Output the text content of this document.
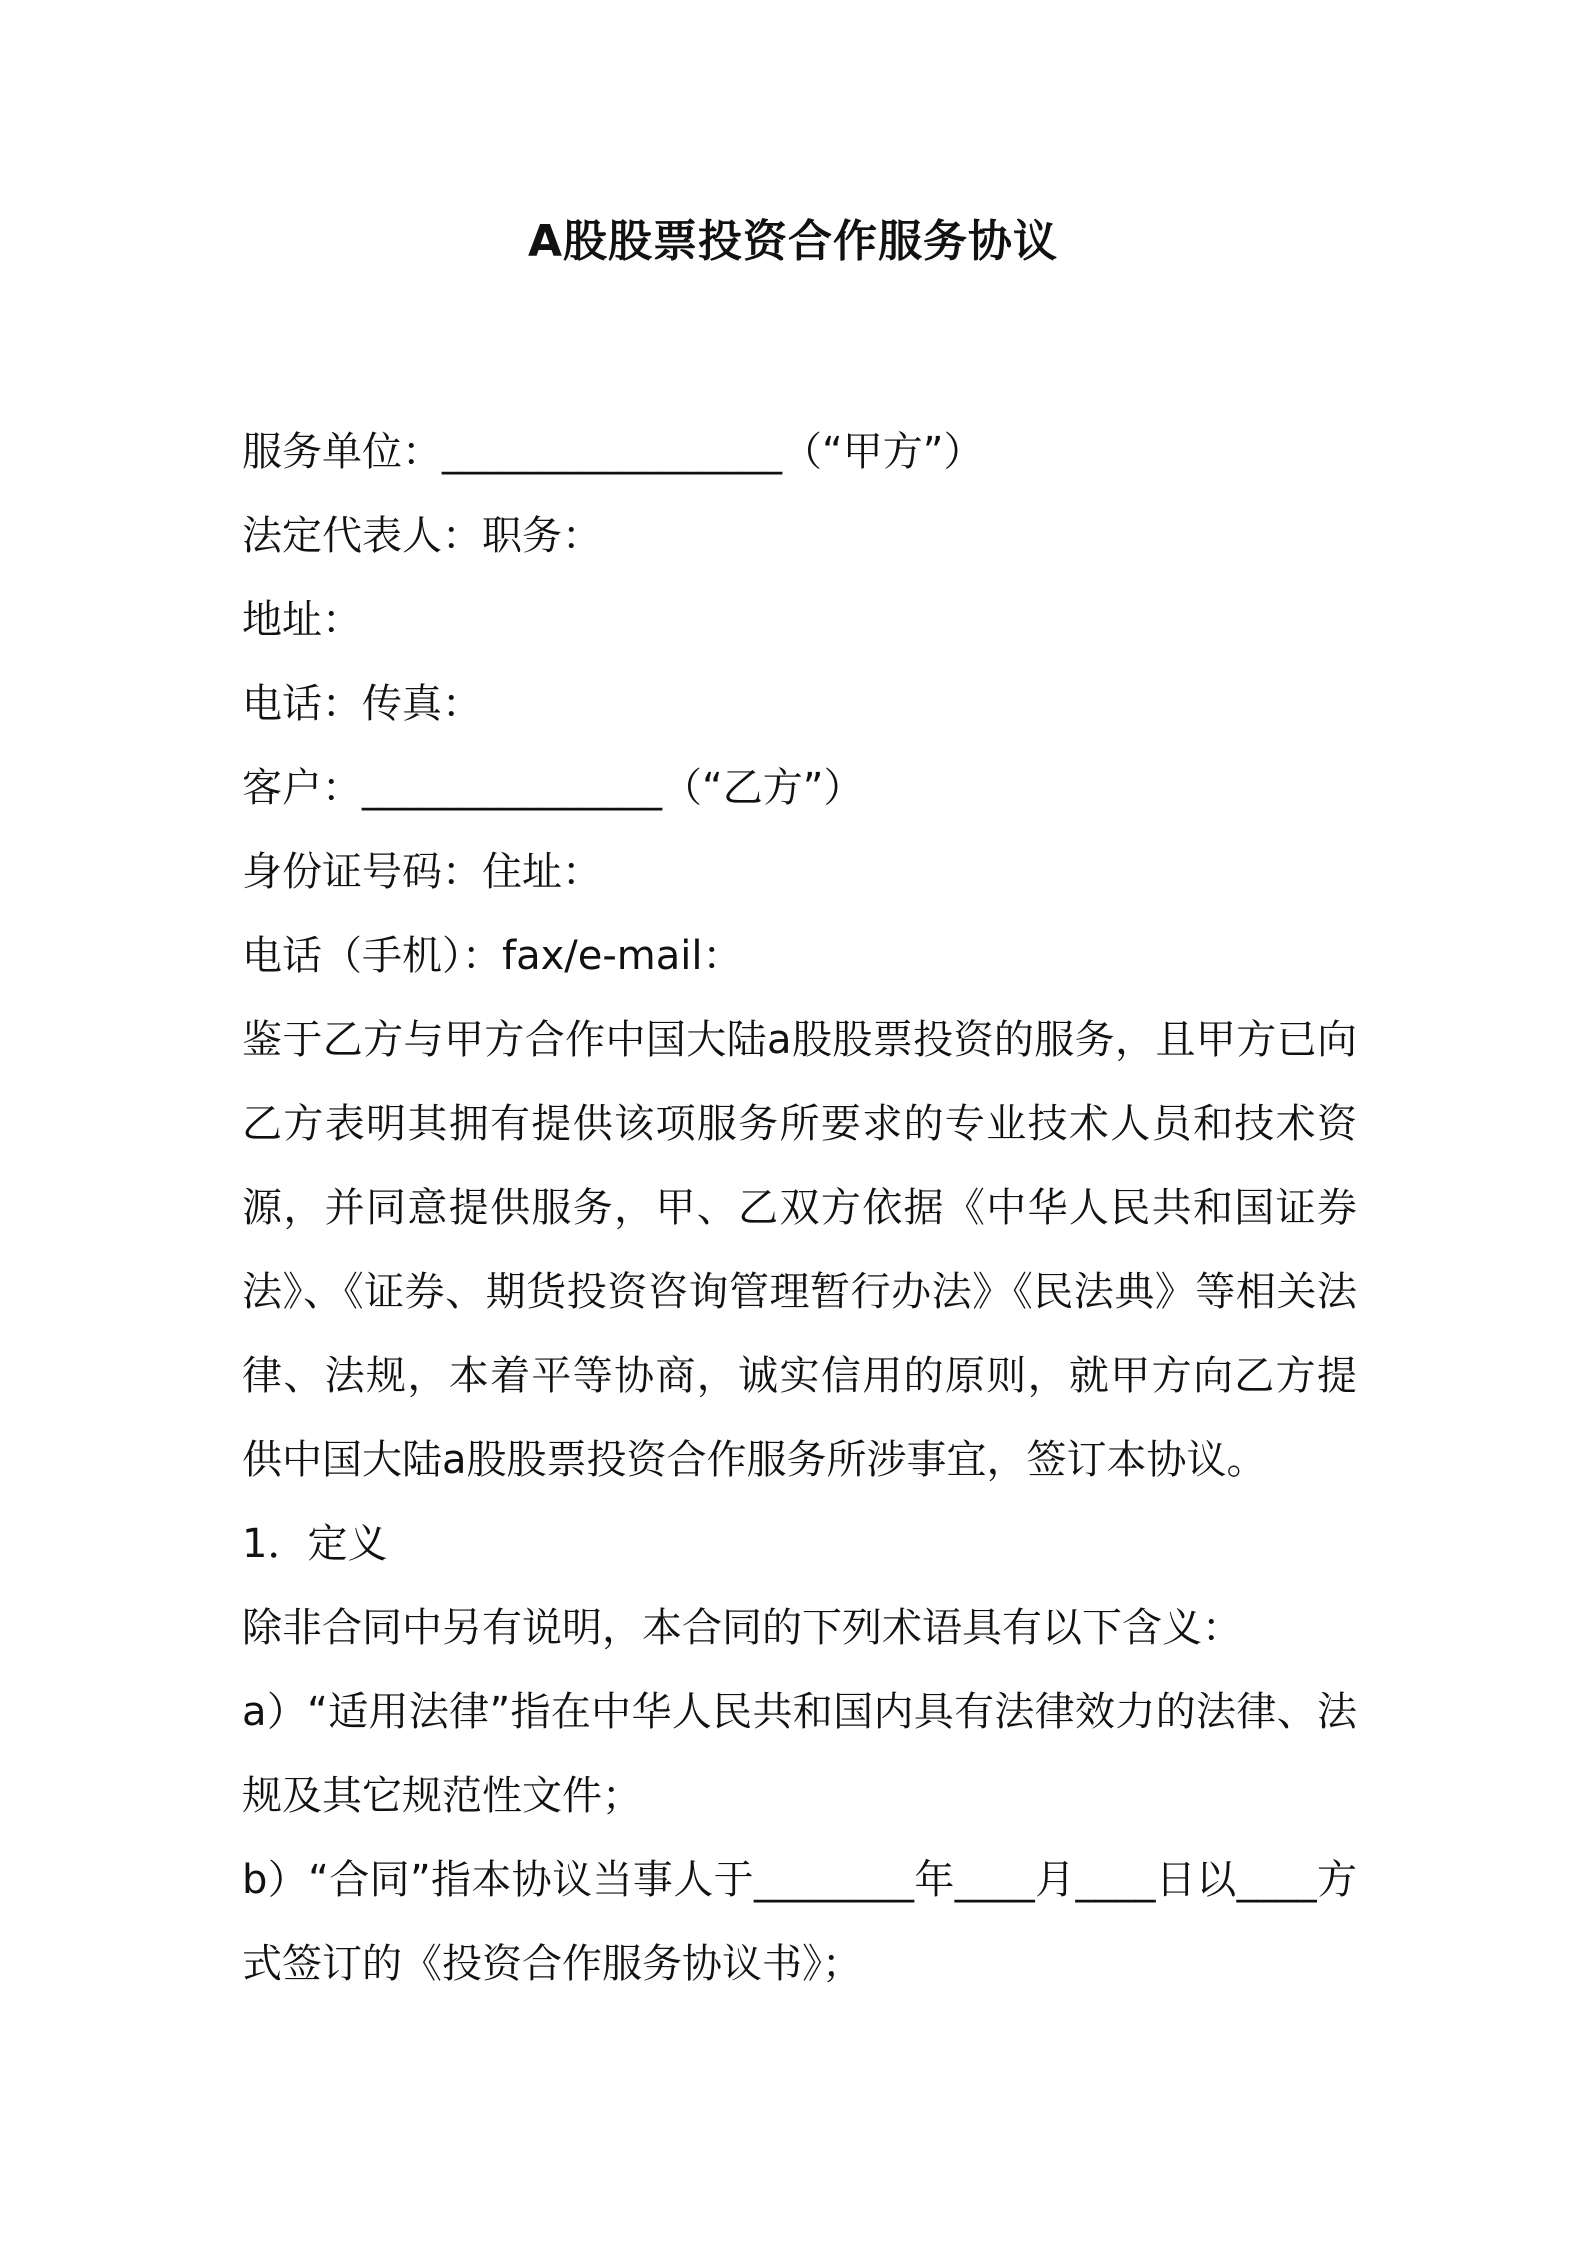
A股股票投资合作服务协议
服务单位：_________________（“甲方”）
法定代表人：职务：
地址：
电话：传真：
客户：_______________（“乙方”）
身份证号码：住址：
电话（手机）：fax/e-mail：
鉴于乙方与甲方合作中国大陆a股股票投资的服务，且甲方已向乙方表明其拥有提供该项服务所要求的专业技术人员和技术资源，并同意提供服务，甲、乙双方依据《中华人民共和国证券法》、《证券、期货投资咨询管理暂行办法》《民法典》等相关法律、法规，本着平等协商，诚实信用的原则，就甲方向乙方提供中国大陆a股股票投资合作服务所涉事宜，签订本协议。
1．定义
除非合同中另有说明，本合同的下列术语具有以下含义：
a）“适用法律”指在中华人民共和国内具有法律效力的法律、法规及其它规范性文件；
b）“合同”指本协议当事人于________年____月____日以____方式签订的《投资合作服务协议书》；
